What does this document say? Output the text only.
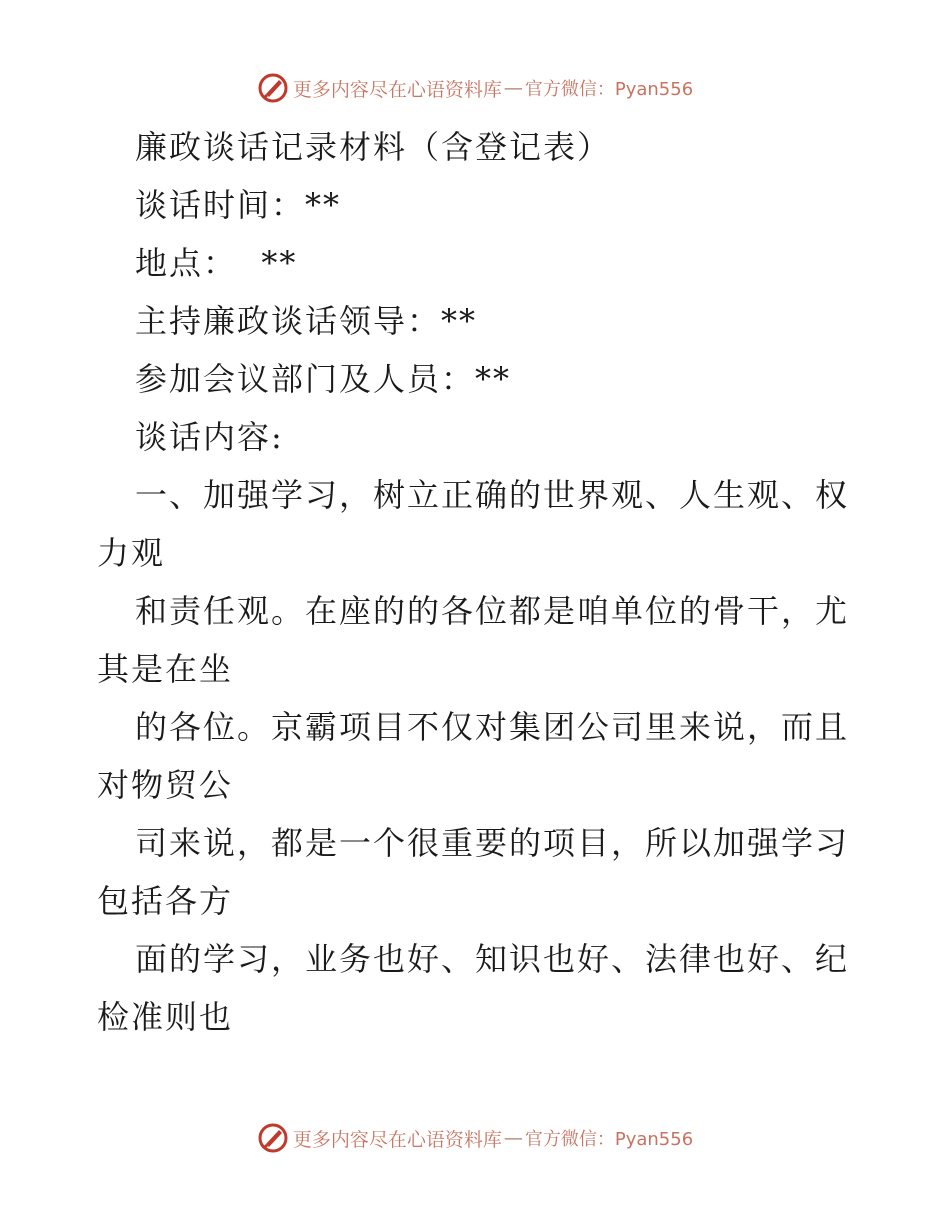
更多内容尽在心语资料库 — 官方微信：Pyan556
廉政谈话记录材料（含登记表）
谈话时间：**
地点：  **
主持廉政谈话领导：**
参加会议部门及人员：**
谈话内容:
一、加强学习，树立正确的世界观、人生观、权
力观
和责任观。在座的的各位都是咱单位的骨干，尤
其是在坐
的各位。京霸项目不仅对集团公司里来说，而且
对物贸公
司来说，都是一个很重要的项目，所以加强学习
包括各方
面的学习，业务也好、知识也好、法律也好、纪
检准则也
更多内容尽在心语资料库 — 官方微信：Pyan556
